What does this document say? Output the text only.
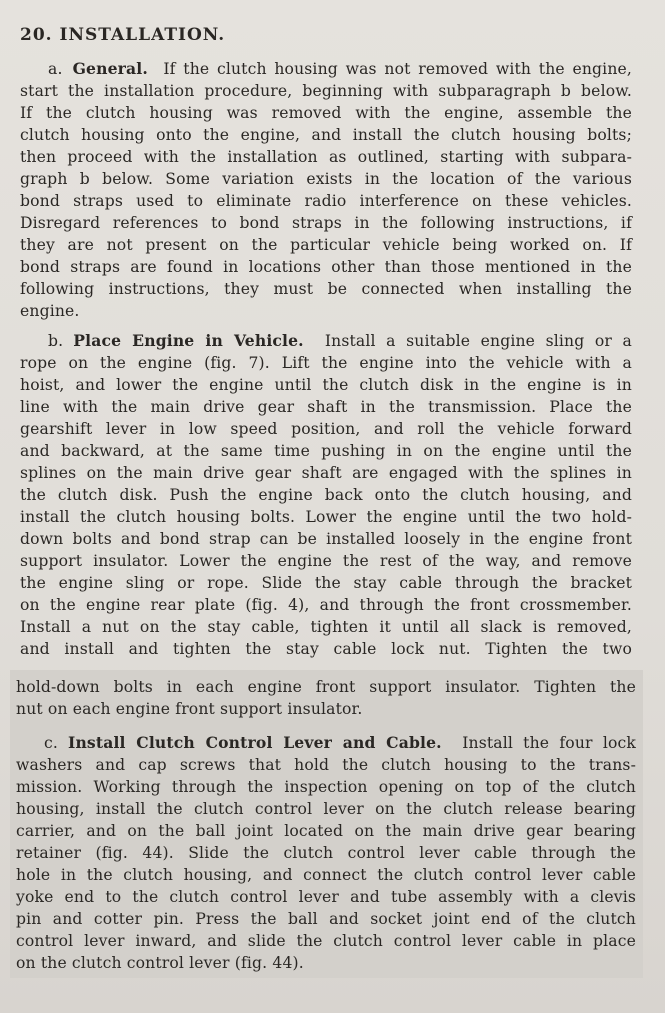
20. INSTALLATION.
a. General. If the clutch housing was not removed with the engine,
start the installation procedure, beginning with subparagraph b below.
If the clutch housing was removed with the engine, assemble the
clutch housing onto the engine, and install the clutch housing bolts;
then proceed with the installation as outlined, starting with subpara-
graph b below. Some variation exists in the location of the various
bond straps used to eliminate radio interference on these vehicles.
Disregard references to bond straps in the following instructions, if
they are not present on the particular vehicle being worked on. If
bond straps are found in locations other than those mentioned in the
following instructions, they must be connected when installing the
engine.
b. Place Engine in Vehicle. Install a suitable engine sling or a
rope on the engine (fig. 7). Lift the engine into the vehicle with a
hoist, and lower the engine until the clutch disk in the engine is in
line with the main drive gear shaft in the transmission. Place the
gearshift lever in low speed position, and roll the vehicle forward
and backward, at the same time pushing in on the engine until the
splines on the main drive gear shaft are engaged with the splines in
the clutch disk. Push the engine back onto the clutch housing, and
install the clutch housing bolts. Lower the engine until the two hold-
down bolts and bond strap can be installed loosely in the engine front
support insulator. Lower the engine the rest of the way, and remove
the engine sling or rope. Slide the stay cable through the bracket
on the engine rear plate (fig. 4), and through the front crossmember.
Install a nut on the stay cable, tighten it until all slack is removed,
and install and tighten the stay cable lock nut. Tighten the two
hold-down bolts in each engine front support insulator. Tighten the
nut on each engine front support insulator.
c. Install Clutch Control Lever and Cable. Install the four lock
washers and cap screws that hold the clutch housing to the trans-
mission. Working through the inspection opening on top of the clutch
housing, install the clutch control lever on the clutch release bearing
carrier, and on the ball joint located on the main drive gear bearing
retainer (fig. 44). Slide the clutch control lever cable through the
hole in the clutch housing, and connect the clutch control lever cable
yoke end to the clutch control lever and tube assembly with a clevis
pin and cotter pin. Press the ball and socket joint end of the clutch
control lever inward, and slide the clutch control lever cable in place
on the clutch control lever (fig. 44).
